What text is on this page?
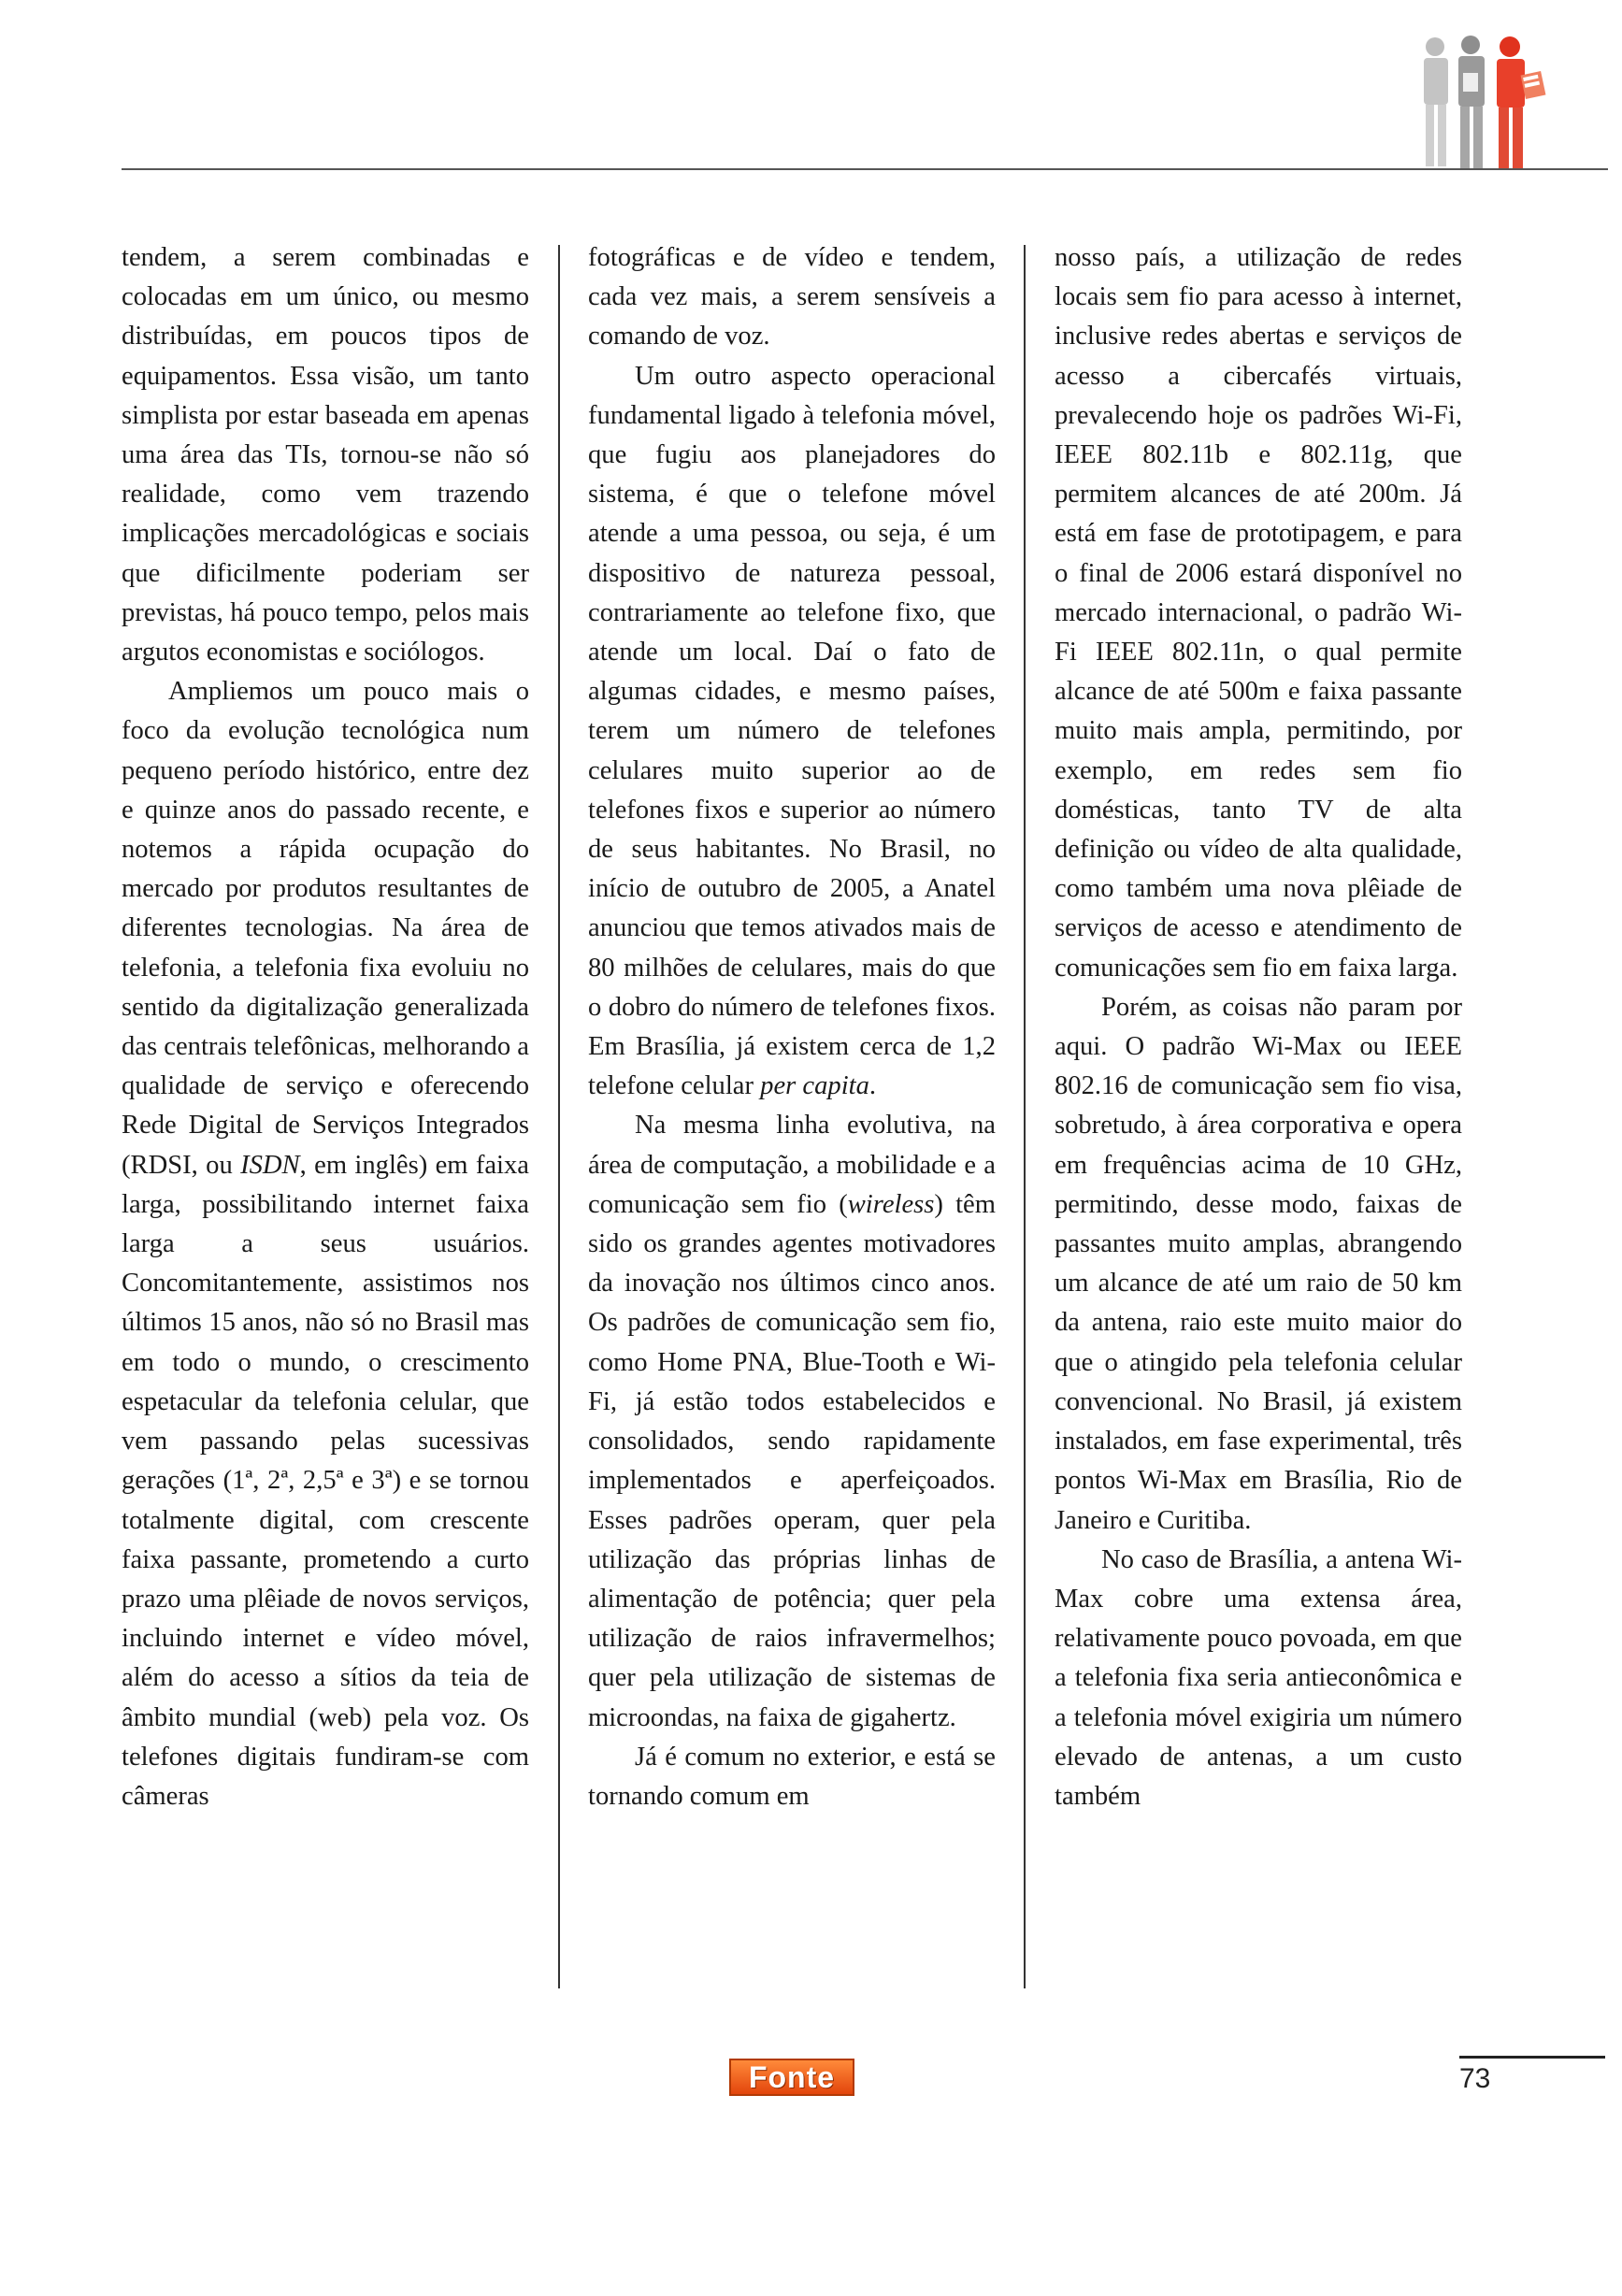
tendem, a serem combinadas e colocadas em um único, ou mesmo distribuídas, em poucos tipos de equipamentos. Essa visão, um tanto simplista por estar baseada em apenas uma área das TIs, tornou-se não só realidade, como vem trazendo implicações mercadológicas e sociais que dificilmente poderiam ser previstas, há pouco tempo, pelos mais argutos economistas e sociólogos.

Ampliemos um pouco mais o foco da evolução tecnológica num pequeno período histórico, entre dez e quinze anos do passado recente, e notemos a rápida ocupação do mercado por produtos resultantes de diferentes tecnologias. Na área de telefonia, a telefonia fixa evoluiu no sentido da digitalização generalizada das centrais telefônicas, melhorando a qualidade de serviço e oferecendo Rede Digital de Serviços Integrados (RDSI, ou ISDN, em inglês) em faixa larga, possibilitando internet faixa larga a seus usuários. Concomitantemente, assistimos nos últimos 15 anos, não só no Brasil mas em todo o mundo, o crescimento espetacular da telefonia celular, que vem passando pelas sucessivas gerações (1ª, 2ª, 2,5ª e 3ª) e se tornou totalmente digital, com crescente faixa passante, prometendo a curto prazo uma plêiade de novos serviços, incluindo internet e vídeo móvel, além do acesso a sítios da teia de âmbito mundial (web) pela voz. Os telefones digitais fundiram-se com câmeras

fotográficas e de vídeo e tendem, cada vez mais, a serem sensíveis a comando de voz.

Um outro aspecto operacional fundamental ligado à telefonia móvel, que fugiu aos planejadores do sistema, é que o telefone móvel atende a uma pessoa, ou seja, é um dispositivo de natureza pessoal, contrariamente ao telefone fixo, que atende um local. Daí o fato de algumas cidades, e mesmo países, terem um número de telefones celulares muito superior ao de telefones fixos e superior ao número de seus habitantes. No Brasil, no início de outubro de 2005, a Anatel anunciou que temos ativados mais de 80 milhões de celulares, mais do que o dobro do número de telefones fixos. Em Brasília, já existem cerca de 1,2 telefone celular per capita.

Na mesma linha evolutiva, na área de computação, a mobilidade e a comunicação sem fio (wireless) têm sido os grandes agentes motivadores da inovação nos últimos cinco anos. Os padrões de comunicação sem fio, como Home PNA, Blue-Tooth e Wi-Fi, já estão todos estabelecidos e consolidados, sendo rapidamente implementados e aperfeiçoados. Esses padrões operam, quer pela utilização das próprias linhas de alimentação de potência; quer pela utilização de raios infravermelhos; quer pela utilização de sistemas de microondas, na faixa de gigahertz.

Já é comum no exterior, e está se tornando comum em

nosso país, a utilização de redes locais sem fio para acesso à internet, inclusive redes abertas e serviços de acesso a cibercafés virtuais, prevalecendo hoje os padrões Wi-Fi, IEEE 802.11b e 802.11g, que permitem alcances de até 200m. Já está em fase de prototipagem, e para o final de 2006 estará disponível no mercado internacional, o padrão Wi-Fi IEEE 802.11n, o qual permite alcance de até 500m e faixa passante muito mais ampla, permitindo, por exemplo, em redes sem fio domésticas, tanto TV de alta definição ou vídeo de alta qualidade, como também uma nova plêiade de serviços de acesso e atendimento de comunicações sem fio em faixa larga.

Porém, as coisas não param por aqui. O padrão Wi-Max ou IEEE 802.16 de comunicação sem fio visa, sobretudo, à área corporativa e opera em frequências acima de 10 GHz, permitindo, desse modo, faixas de passantes muito amplas, abrangendo um alcance de até um raio de 50 km da antena, raio este muito maior do que o atingido pela telefonia celular convencional. No Brasil, já existem instalados, em fase experimental, três pontos Wi-Max em Brasília, Rio de Janeiro e Curitiba.

No caso de Brasília, a antena Wi-Max cobre uma extensa área, relativamente pouco povoada, em que a telefonia fixa seria antieconômica e a telefonia móvel exigiria um número elevado de antenas, a um custo também

Fonte	73
